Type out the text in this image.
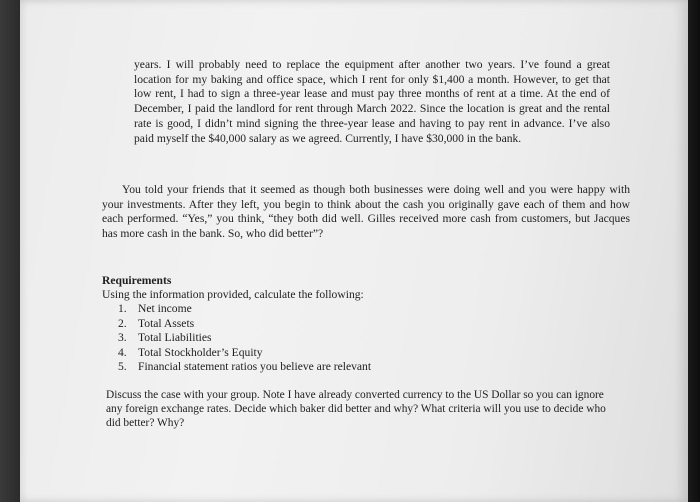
years. I will probably need to replace the equipment after another two years. I’ve found a great location for my baking and office space, which I rent for only $1,400 a month. However, to get that low rent, I had to sign a three-year lease and must pay three months of rent at a time. At the end of December, I paid the landlord for rent through March 2022. Since the location is great and the rental rate is good, I didn’t mind signing the three-year lease and having to pay rent in advance. I’ve also paid myself the $40,000 salary as we agreed. Currently, I have $30,000 in the bank.

You told your friends that it seemed as though both businesses were doing well and you were happy with your investments. After they left, you begin to think about the cash you originally gave each of them and how each performed. “Yes,” you think, “they both did well. Gilles received more cash from customers, but Jacques has more cash in the bank. So, who did better”?

Requirements

Using the information provided, calculate the following:

1. Net income
2. Total Assets
3. Total Liabilities
4. Total Stockholder’s Equity
5. Financial statement ratios you believe are relevant

Discuss the case with your group. Note I have already converted currency to the US Dollar so you can ignore any foreign exchange rates. Decide which baker did better and why? What criteria will you use to decide who did better? Why?
